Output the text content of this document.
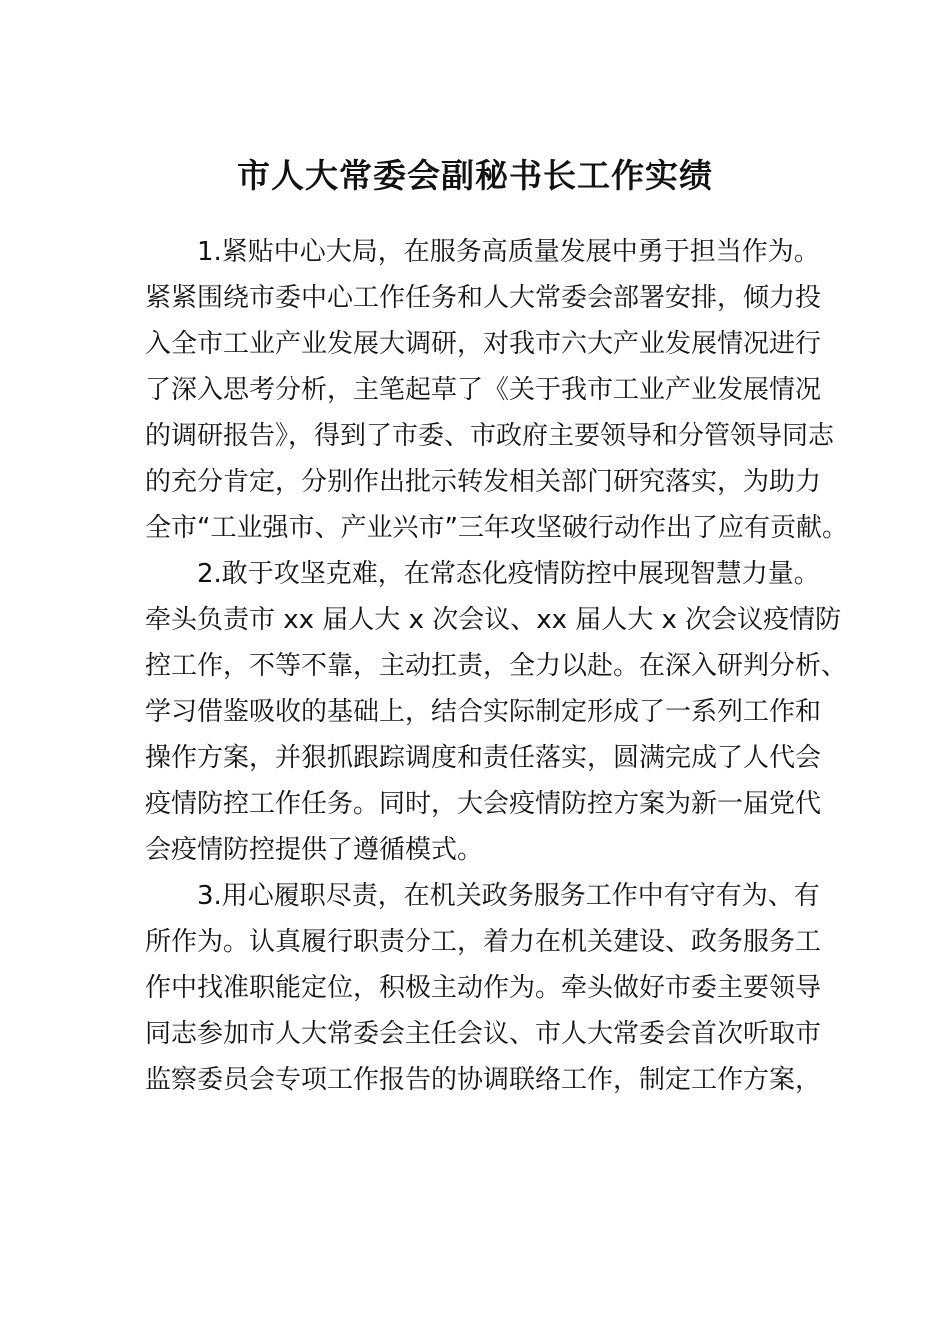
市人大常委会副秘书长工作实绩
1.紧贴中心大局，在服务高质量发展中勇于担当作为。
紧紧围绕市委中心工作任务和人大常委会部署安排，倾力投
入全市工业产业发展大调研，对我市六大产业发展情况进行
了深入思考分析，主笔起草了《关于我市工业产业发展情况
的调研报告》，得到了市委、市政府主要领导和分管领导同志
的充分肯定，分别作出批示转发相关部门研究落实，为助力
全市“工业强市、产业兴市”三年攻坚破行动作出了应有贡献。
2.敢于攻坚克难，在常态化疫情防控中展现智慧力量。
牵头负责市 xx 届人大 x 次会议、xx 届人大 x 次会议疫情防
控工作，不等不靠，主动扛责，全力以赴。在深入研判分析、
学习借鉴吸收的基础上，结合实际制定形成了一系列工作和
操作方案，并狠抓跟踪调度和责任落实，圆满完成了人代会
疫情防控工作任务。同时，大会疫情防控方案为新一届党代
会疫情防控提供了遵循模式。
3.用心履职尽责，在机关政务服务工作中有守有为、有
所作为。认真履行职责分工，着力在机关建设、政务服务工
作中找准职能定位，积极主动作为。牵头做好市委主要领导
同志参加市人大常委会主任会议、市人大常委会首次听取市
监察委员会专项工作报告的协调联络工作，制定工作方案，
